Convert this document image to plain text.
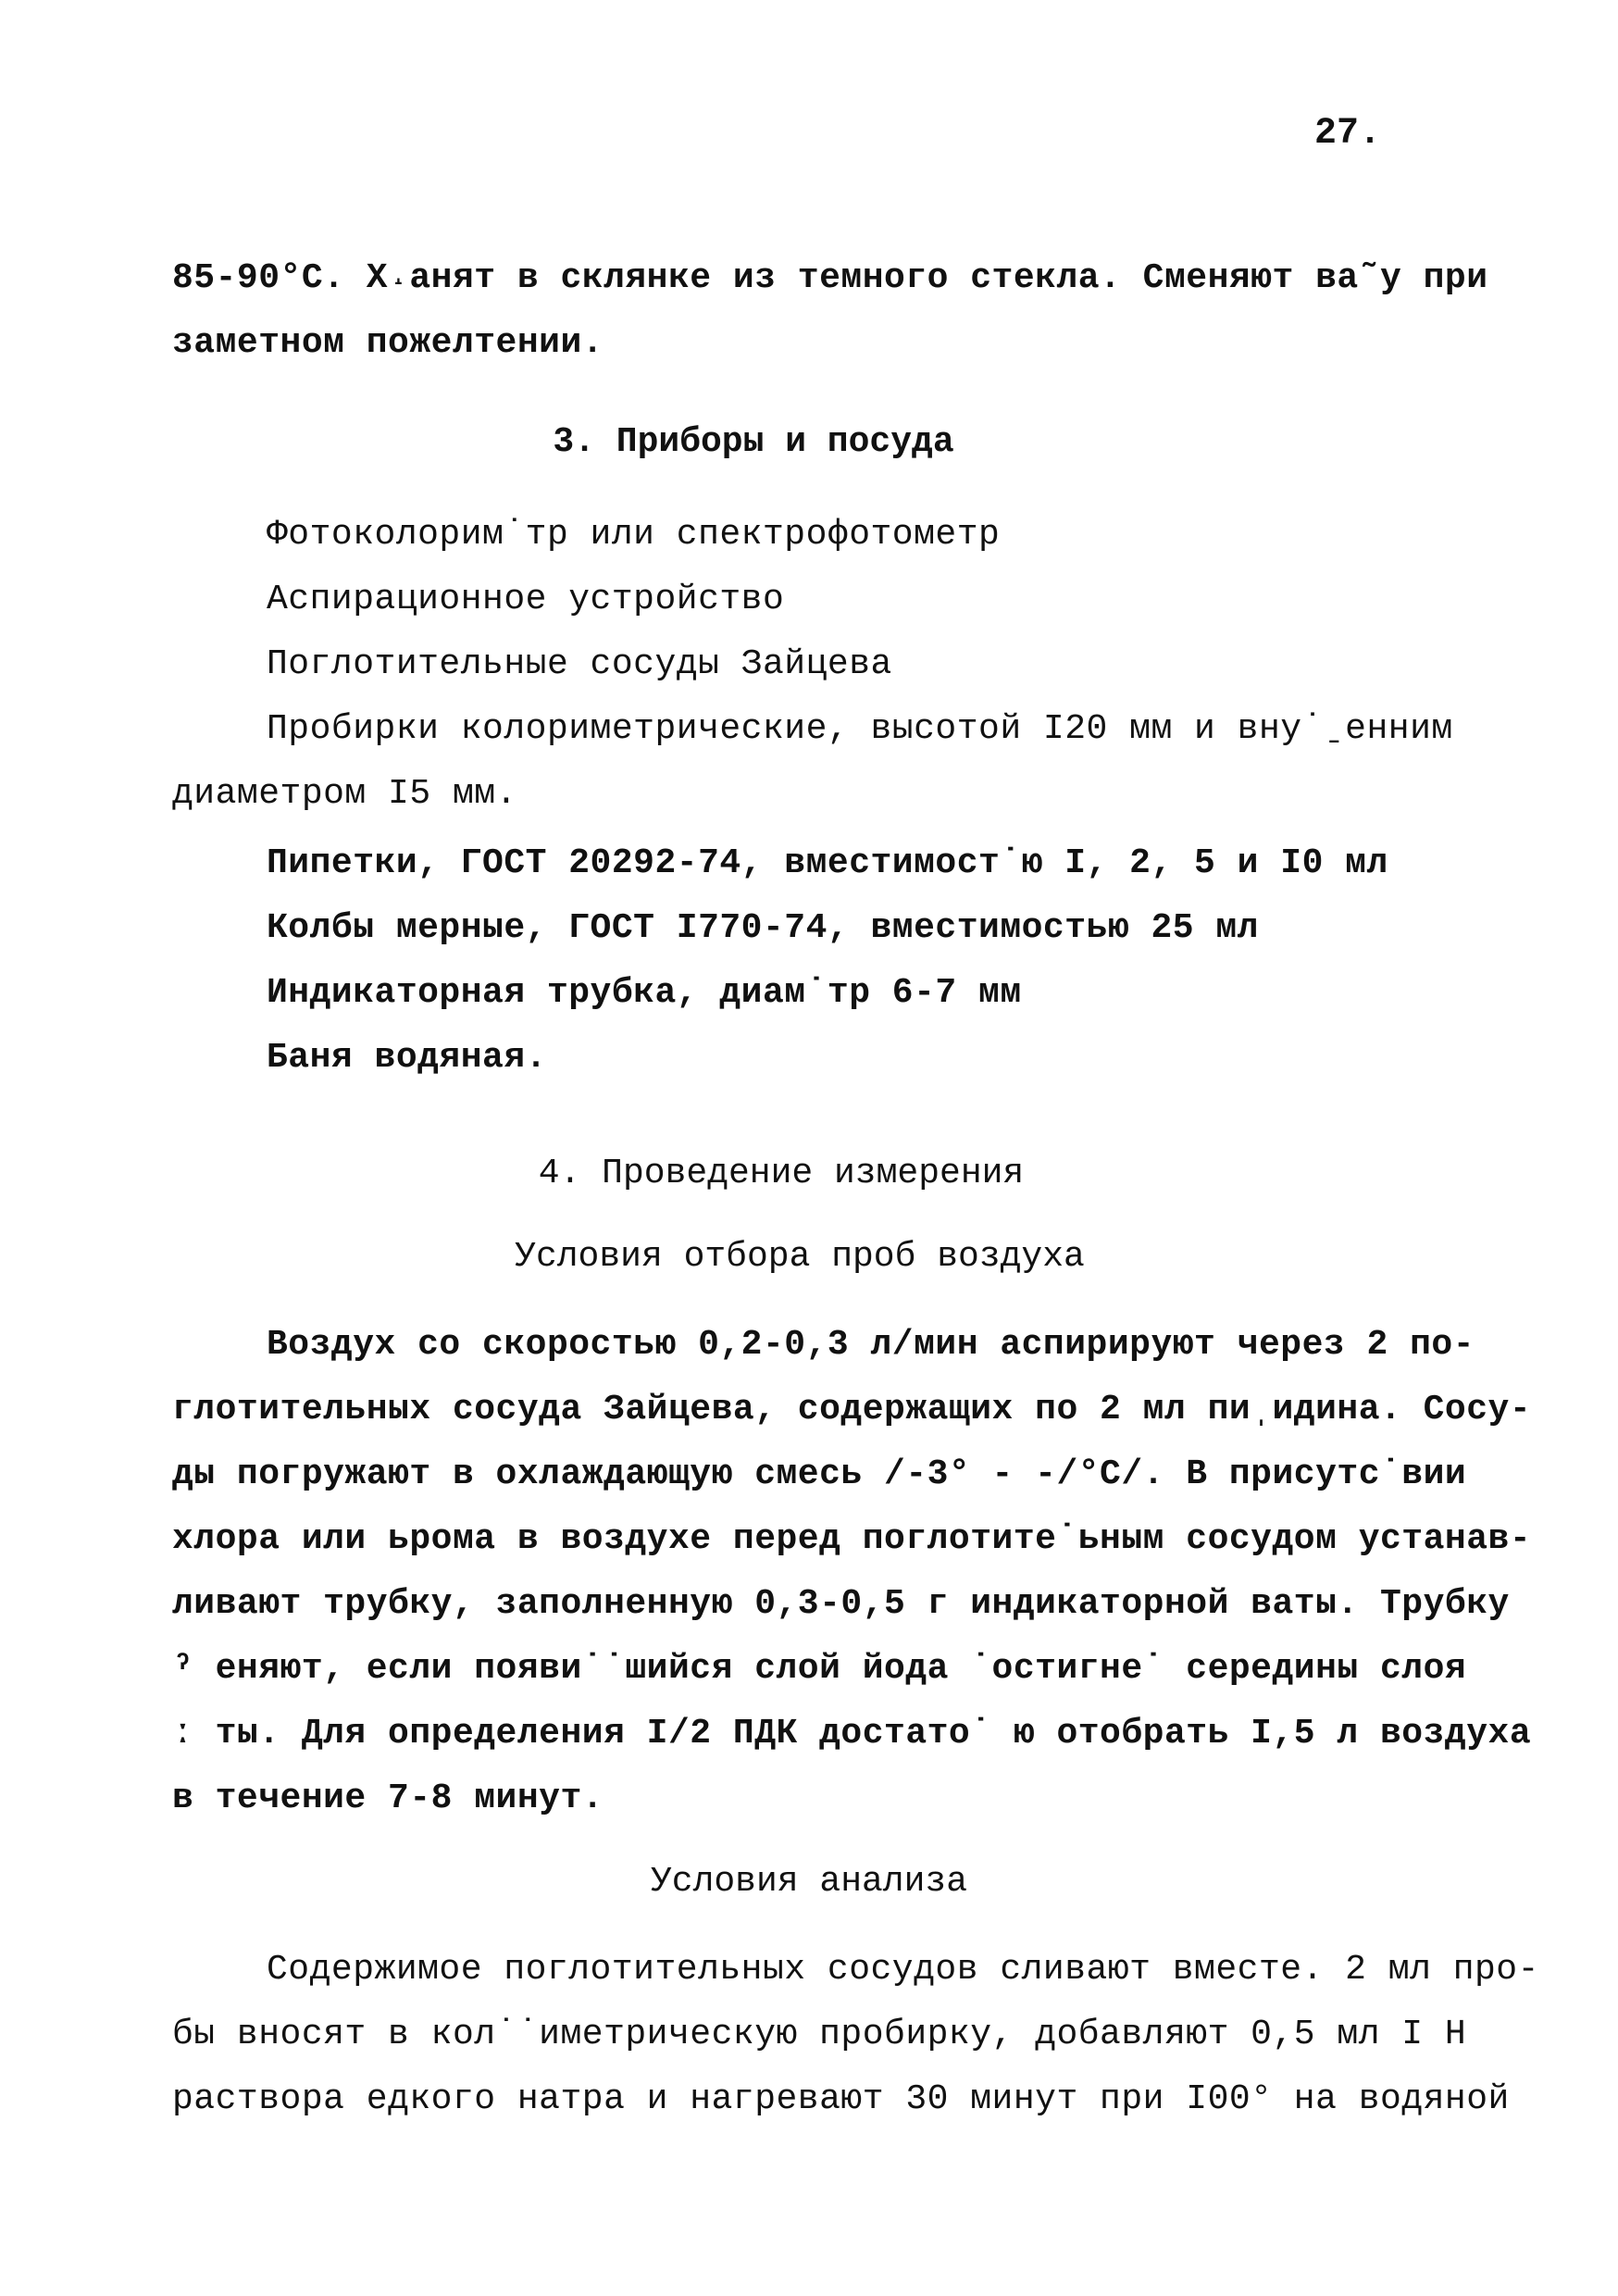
27.
85-90°С. Х˔анят в склянке из темного стекла. Сменяют ва˜у при
заметном пожелтении.
3. Приборы и посуда
Фотоколорим˙тр или спектрофотометр
Аспирационное устройство
Поглотительные сосуды Зайцева
Пробирки колориметрические, высотой I20 мм и вну˙ˍенним
диаметром I5 мм.
Пипетки, ГОСТ 20292-74, вместимост˙ю I, 2, 5 и I0 мл
Колбы мерные, ГОСТ I770-74, вместимостью 25 мл
Индикаторная трубка, диам˙тр 6-7 мм
Баня водяная.
4. Проведение измерения
Условия отбора проб воздуха
Воздух со скоростью 0,2-0,3 л/мин аспирируют через 2 по-
глотительных сосуда Зайцева, содержащих по 2 мл пиˌидина. Сосу-
ды погружают в охлаждающую смесь /-3° - -/°С/. В присутс˙вии
хлора или ьрома в воздухе перед поглотите˙ьным сосудом устанав-
ливают трубку, заполненную 0,3-0,5 г индикаторной ваты. Трубку
ˀ еняют, если появи˙˙шийся слой йода ˙остигне˙ середины слоя
ː ты. Для определения I/2 ПДК достато˙ ю отобрать I,5 л воздуха
в течение 7-8 минут.
Условия анализа
Содержимое поглотительных сосудов сливают вместе. 2 мл про-
бы вносят в кол˙˙иметрическую пробирку, добавляют 0,5 мл I Н
раствора едкого натра и нагревают 30 минут при I00° на водяной
